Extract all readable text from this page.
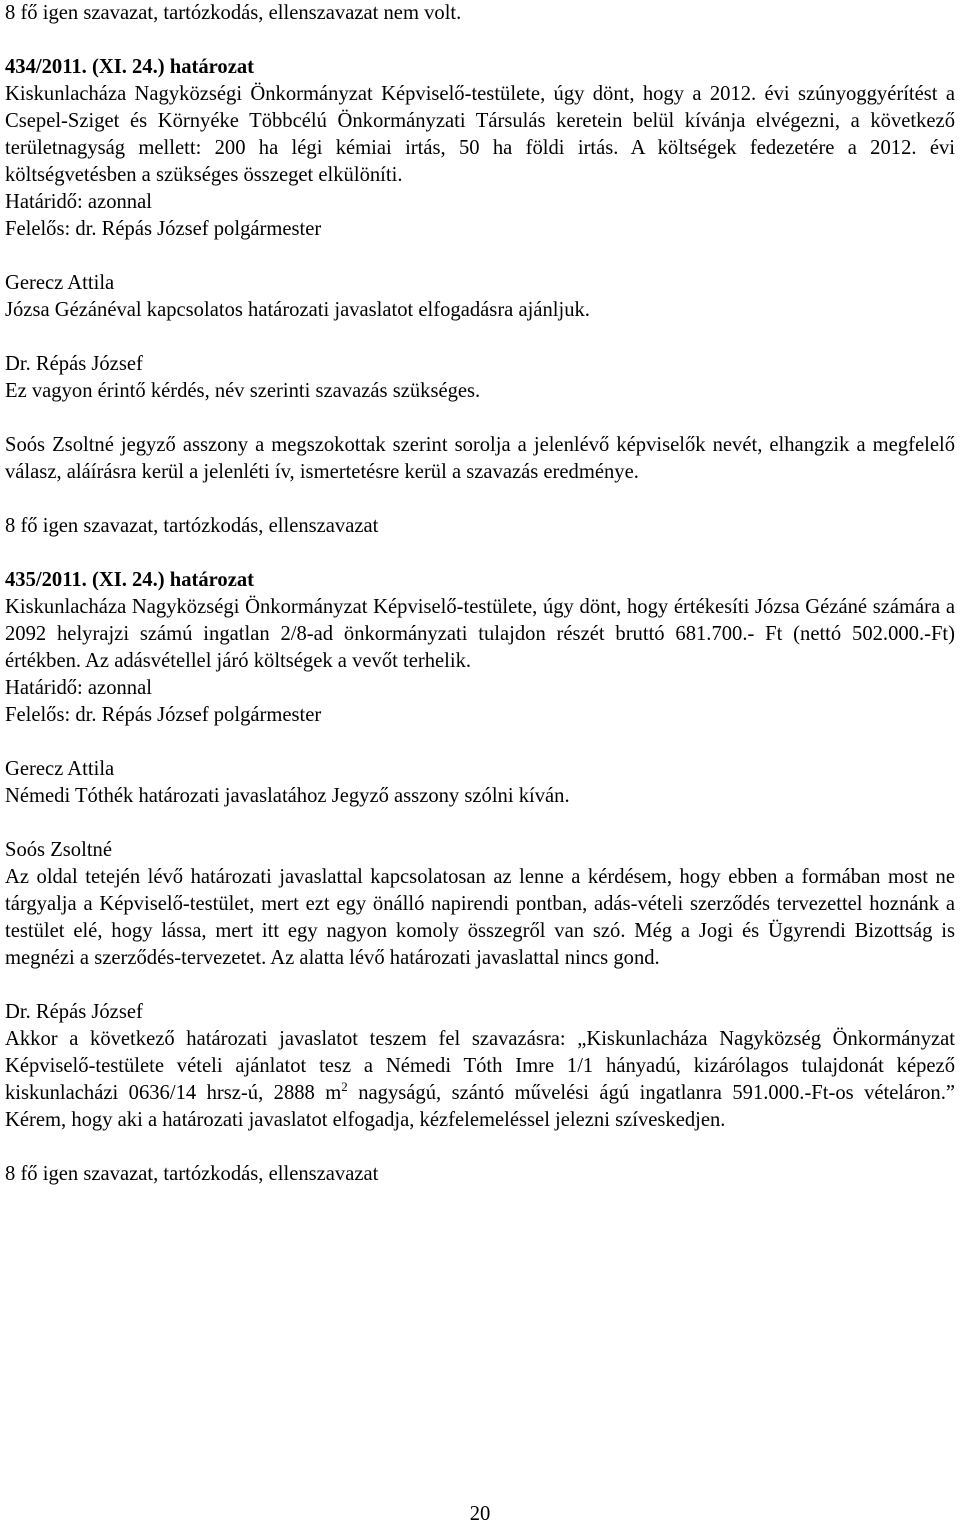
8 fő igen szavazat, tartózkodás, ellenszavazat nem volt.

434/2011. (XI. 24.) határozat

Kiskunlacháza Nagyközségi Önkormányzat Képviselő-testülete, úgy dönt, hogy a 2012. évi szúnyoggyérítést a Csepel-Sziget és Környéke Többcélú Önkormányzati Társulás keretein belül kívánja elvégezni, a következő területnagyság mellett: 200 ha légi kémiai irtás, 50 ha földi irtás. A költségek fedezetére a 2012. évi költségvetésben a szükséges összeget elkülöníti.

Határidő: azonnal

Felelős: dr. Répás József polgármester

Gerecz Attila

Józsa Gézánéval kapcsolatos határozati javaslatot elfogadásra ajánljuk.

Dr. Répás József

Ez vagyon érintő kérdés, név szerinti szavazás szükséges.

Soós Zsoltné jegyző asszony a megszokottak szerint sorolja a jelenlévő képviselők nevét, elhangzik a megfelelő válasz, aláírásra kerül a jelenléti ív, ismertetésre kerül a szavazás eredménye.

8 fő igen szavazat, tartózkodás, ellenszavazat

435/2011. (XI. 24.) határozat

Kiskunlacháza Nagyközségi Önkormányzat Képviselő-testülete, úgy dönt, hogy értékesíti Józsa Gézáné számára a 2092 helyrajzi számú ingatlan 2/8-ad önkormányzati tulajdon részét bruttó 681.700.- Ft (nettó 502.000.-Ft) értékben. Az adásvétellel járó költségek a vevőt terhelik.

Határidő: azonnal

Felelős: dr. Répás József polgármester

Gerecz Attila

Némedi Tóthék határozati javaslatához Jegyző asszony szólni kíván.

Soós Zsoltné

Az oldal tetején lévő határozati javaslattal kapcsolatosan az lenne a kérdésem, hogy ebben a formában most ne tárgyalja a Képviselő-testület, mert ezt egy önálló napirendi pontban, adás-vételi szerződés tervezettel hoznánk a testület elé, hogy lássa, mert itt egy nagyon komoly összegről van szó. Még a Jogi és Ügyrendi Bizottság is megnézi a szerződés-tervezetet. Az alatta lévő határozati javaslattal nincs gond.

Dr. Répás József

Akkor a következő határozati javaslatot teszem fel szavazásra: „Kiskunlacháza Nagyközség Önkormányzat Képviselő-testülete vételi ajánlatot tesz a Némedi Tóth Imre 1/1 hányadú, kizárólagos tulajdonát képező kiskunlacházi 0636/14 hrsz-ú, 2888 $m^2$ nagyságú, szántó művelési ágú ingatlanra 591.000.-Ft-os vételáron.” Kérem, hogy aki a határozati javaslatot elfogadja, kézfelemeléssel jelezni szíveskedjen.

8 fő igen szavazat, tartózkodás, ellenszavazat

20
